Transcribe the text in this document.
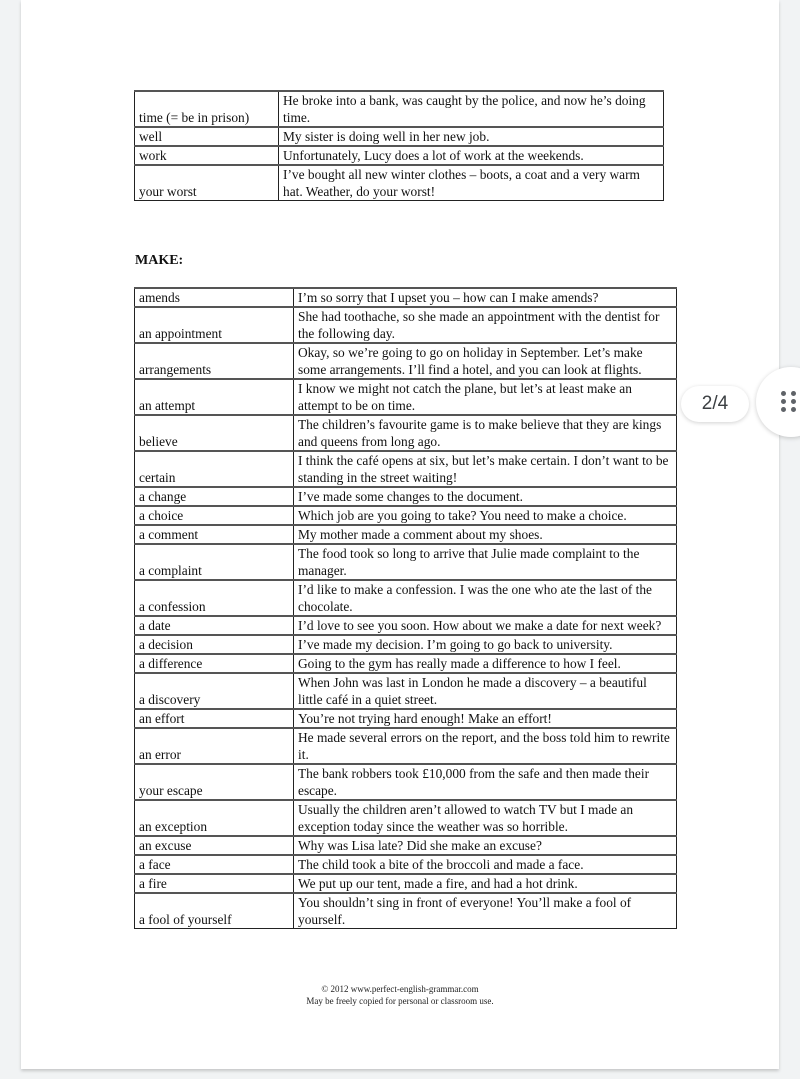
time (= be in prison)	He broke into a bank, was caught by the police, and now he’s doing time.
well	My sister is doing well in her new job.
work	Unfortunately, Lucy does a lot of work at the weekends.
your worst	I’ve bought all new winter clothes – boots, a coat and a very warm hat. Weather, do your worst!
MAKE:
amends	I’m so sorry that I upset you – how can I make amends?
an appointment	She had toothache, so she made an appointment with the dentist for the following day.
arrangements	Okay, so we’re going to go on holiday in September. Let’s make some arrangements. I’ll find a hotel, and you can look at flights.
an attempt	I know we might not catch the plane, but let’s at least make an attempt to be on time.
believe	The children’s favourite game is to make believe that they are kings and queens from long ago.
certain	I think the café opens at six, but let’s make certain. I don’t want to be standing in the street waiting!
a change	I’ve made some changes to the document.
a choice	Which job are you going to take? You need to make a choice.
a comment	My mother made a comment about my shoes.
a complaint	The food took so long to arrive that Julie made complaint to the manager.
a confession	I’d like to make a confession. I was the one who ate the last of the chocolate.
a date	I’d love to see you soon. How about we make a date for next week?
a decision	I’ve made my decision. I’m going to go back to university.
a difference	Going to the gym has really made a difference to how I feel.
a discovery	When John was last in London he made a discovery – a beautiful little café in a quiet street.
an effort	You’re not trying hard enough! Make an effort!
an error	He made several errors on the report, and the boss told him to rewrite it.
your escape	The bank robbers took £10,000 from the safe and then made their escape.
an exception	Usually the children aren’t allowed to watch TV but I made an exception today since the weather was so horrible.
an excuse	Why was Lisa late? Did she make an excuse?
a face	The child took a bite of the broccoli and made a face.
a fire	We put up our tent, made a fire, and had a hot drink.
a fool of yourself	You shouldn’t sing in front of everyone! You’ll make a fool of yourself.
© 2012 www.perfect-english-grammar.com
May be freely copied for personal or classroom use.
2/4
